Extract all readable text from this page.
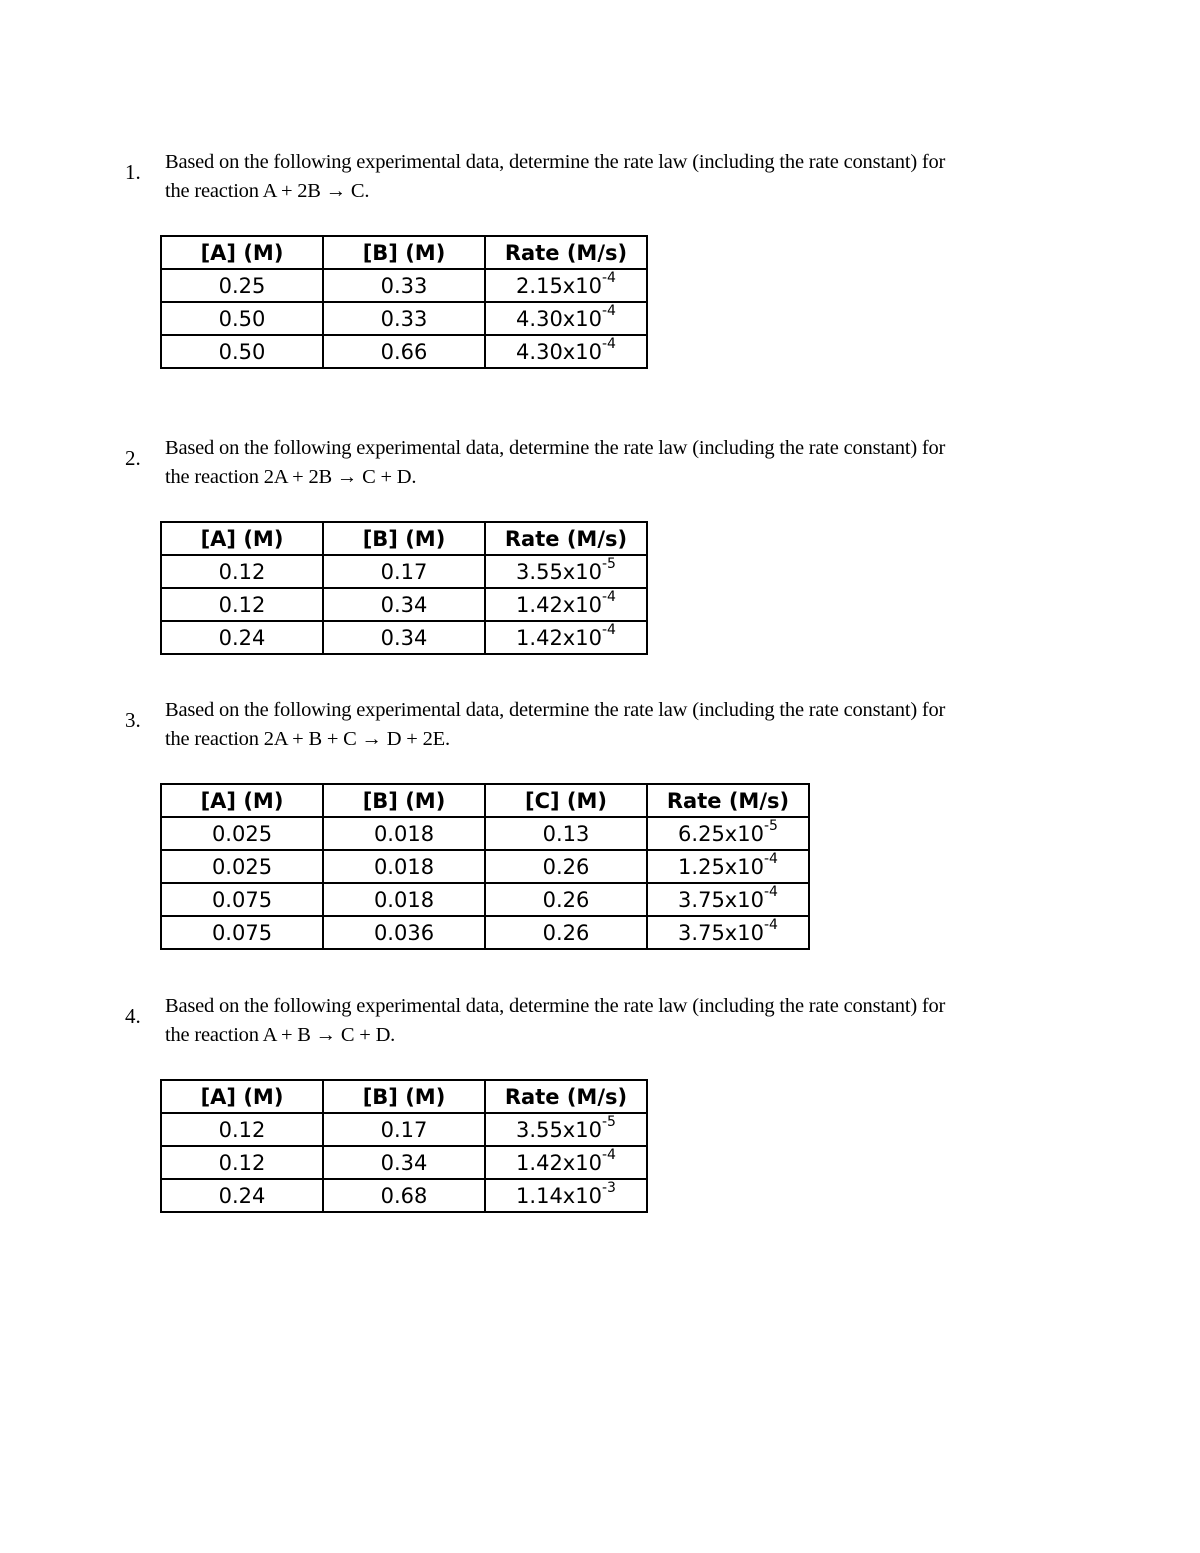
1. Based on the following experimental data, determine the rate law (including the rate constant) for
the reaction A + 2B → C.
[A] (M)	[B] (M)	Rate (M/s)
0.25	0.33	$2.15x10^{-4}$
0.50	0.33	$4.30x10^{-4}$
0.50	0.66	$4.30x10^{-4}$
2. Based on the following experimental data, determine the rate law (including the rate constant) for
the reaction 2A + 2B → C + D.
[A] (M)	[B] (M)	Rate (M/s)
0.12	0.17	$3.55x10^{-5}$
0.12	0.34	$1.42x10^{-4}$
0.24	0.34	$1.42x10^{-4}$
3. Based on the following experimental data, determine the rate law (including the rate constant) for
the reaction 2A + B + C → D + 2E.
[A] (M)	[B] (M)	[C] (M)	Rate (M/s)
0.025	0.018	0.13	$6.25x10^{-5}$
0.025	0.018	0.26	$1.25x10^{-4}$
0.075	0.018	0.26	$3.75x10^{-4}$
0.075	0.036	0.26	$3.75x10^{-4}$
4. Based on the following experimental data, determine the rate law (including the rate constant) for
the reaction A + B → C + D.
[A] (M)	[B] (M)	Rate (M/s)
0.12	0.17	$3.55x10^{-5}$
0.12	0.34	$1.42x10^{-4}$
0.24	0.68	$1.14x10^{-3}$
